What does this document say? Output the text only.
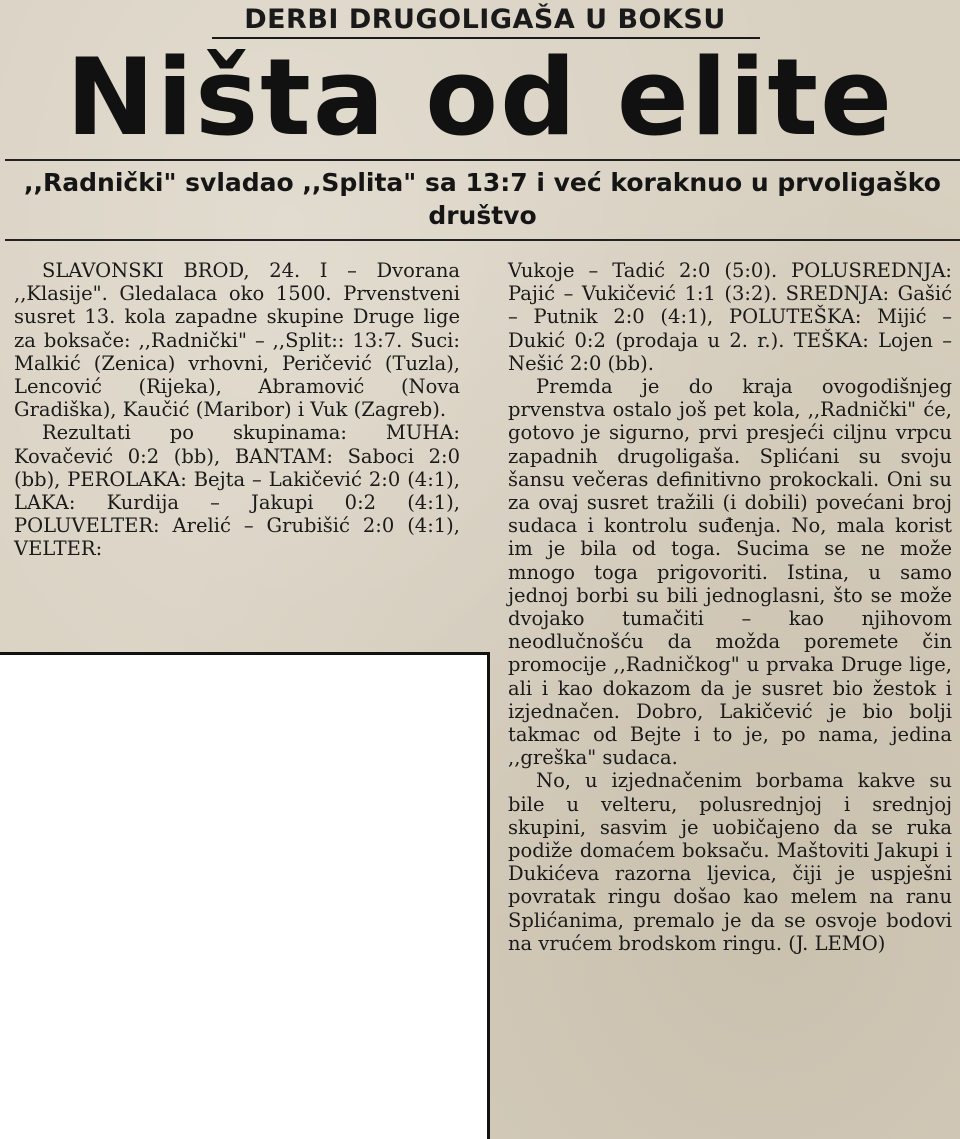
DERBI DRUGOLIGAŠA U BOKSU
Ništa od elite
,,Radnički" svladao ,,Splita" sa 13:7 i već koraknuo u prvoligaško društvo

SLAVONSKI BROD, 24. I – Dvorana ,,Klasije". Gledalaca oko 1500. Prvenstveni susret 13. kola zapadne skupine Druge lige za boksače: ,,Radnički" – ,,Split:: 13:7. Suci: Malkić (Zenica) vrhovni, Peričević (Tuzla), Lencović (Rijeka), Abramović (Nova Gradiška), Kaučić (Maribor) i Vuk (Zagreb).

Rezultati po skupinama: MUHA: Kovačević 0:2 (bb), BANTAM: Saboci 2:0 (bb), PEROLAKA: Bejta – Lakičević 2:0 (4:1), LAKA: Kurdija – Jakupi 0:2 (4:1), POLUVELTER: Arelić – Grubišić 2:0 (4:1), VELTER:

Vukoje – Tadić 2:0 (5:0). POLUSREDNJA: Pajić – Vukičević 1:1 (3:2). SREDNJA: Gašić – Putnik 2:0 (4:1), POLUTEŠKA: Mijić – Dukić 0:2 (prodaja u 2. r.). TEŠKA: Lojen – Nešić 2:0 (bb).

Premda je do kraja ovogodišnjeg prvenstva ostalo još pet kola, ,,Radnički" će, gotovo je sigurno, prvi presjeći ciljnu vrpcu zapadnih drugoligaša. Splićani su svoju šansu večeras definitivno prokockali. Oni su za ovaj susret tražili (i dobili) povećani broj sudaca i kontrolu suđenja. No, mala korist im je bila od toga. Sucima se ne može mnogo toga prigovoriti. Istina, u samo jednoj borbi su bili jednoglasni, što se može dvojako tumačiti – kao njihovom neodlučnošću da možda poremete čin promocije ,,Radničkog" u prvaka Druge lige, ali i kao dokazom da je susret bio žestok i izjednačen. Dobro, Lakičević je bio bolji takmac od Bejte i to je, po nama, jedina ,,greška" sudaca.

No, u izjednačenim borbama kakve su bile u velteru, polusrednjoj i srednjoj skupini, sasvim je uobičajeno da se ruka podiže domaćem boksaču. Maštoviti Jakupi i Dukićeva razorna ljevica, čiji je uspješni povratak ringu došao kao melem na ranu Splićanima, premalo je da se osvoje bodovi na vrućem brodskom ringu. (J. LEMO)
